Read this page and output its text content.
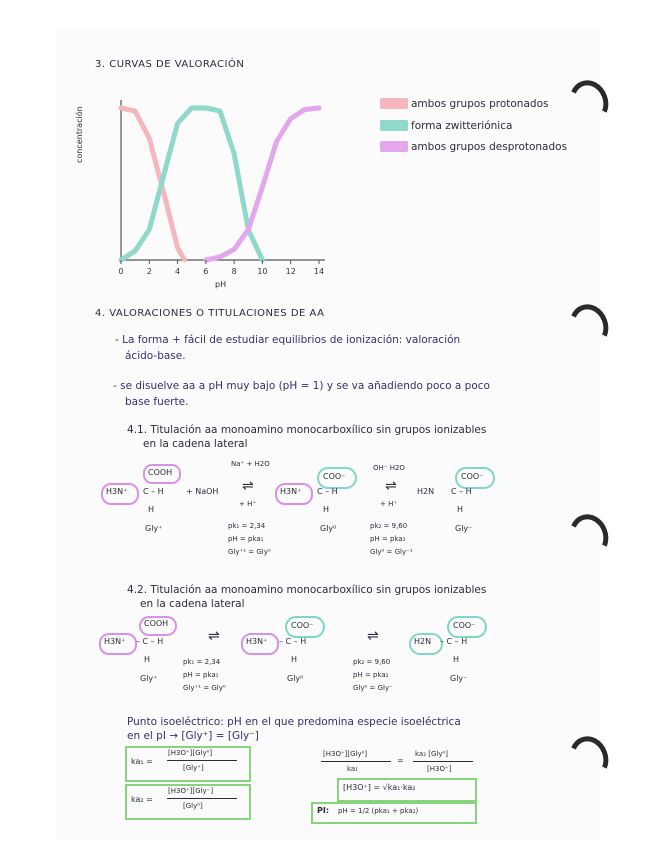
3. CURVAS DE VALORACIÓN
0	2	4	6	8	10 12 14
concentración
pH
ambos grupos protonados
forma zwitteriónica
ambos grupos desprotonados
4. VALORACIONES O TITULACIONES DE AA
- La forma + fácil de estudiar equilibrios de ionización: valoración
ácido-base.
- se disuelve aa a pH muy bajo (pH = 1) y se va añadiendo poco a poco
base fuerte.
4.1. Titulación aa monoamino monocarboxílico sin grupos ionizables
en la cadena lateral
COOH
Na⁺ + H2O
H3N⁺ C – H	+ NaOH ⇌
+ H⁺
H
Gly⁺	pk₁ = 2,34
pH = pka₁
Gly⁺¹ = Gly⁰
COO⁻
H3N⁺ C – H
H
Gly⁰
OH⁻ H2O
⇌
+ H⁺
pk₂ = 9,60
pH = pka₂
Gly⁰ = Gly⁻¹
COO⁻
H2N C – H
H
Gly⁻
4.2. Titulación aa monoamino monocarboxílico sin grupos ionizables
en la cadena lateral
COOH
H3N⁺ – C – H	⇌
H
Gly⁺
pk₁ = 2,34
pH = pka₁
Gly⁺¹ = Gly⁰
COO⁻
H3N⁺ – C – H
H
Gly⁰
⇌
pk₂ = 9,60
pH = pka₂
Gly⁰ = Gly⁻
COO⁻
H2N – C – H
H
Gly⁻
Punto isoeléctrico: pH en el que predomina especie isoeléctrica
en el pI → [Gly⁺] = [Gly⁻]
ka₁ =
[H3O⁺][Gly⁰]
[Gly⁺]
ka₂ =
[H3O⁺][Gly⁻]
[Gly⁰]
[H3O⁺][Gly⁰]
ka₁
=
ka₂ [Gly⁰]
[H3O⁺]
[H3O⁺] = √ka₁·ka₂
PI: pH = 1/2 (pka₁ + pka₂)
